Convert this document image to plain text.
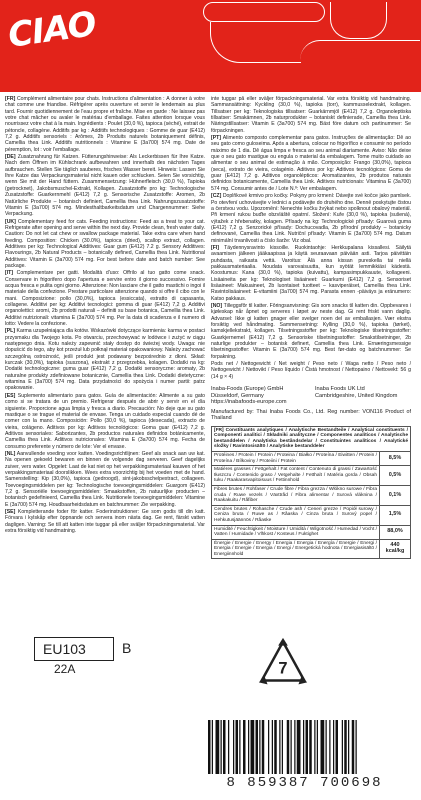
CIAO

[FR] Complément alimentaire pour chats. Instructions d'alimentation : À donner à votre chat comme une friandise. Réfrigérer après ouverture et servir le lendemain au plus tard. Fournir quotidiennement de l'eau propre et fraîche. Mise en garde : Ne laissez pas votre chat mâcher ou avaler le matériau d'emballage. Faites attention lorsque vous nourrissez votre chat à la main. Ingrédients : Poulet (30,0 %), tapioca (séché), extrait de pétoncle, collagène. Additifs par kg : Additifs technologiques : Gomme de guar (E412) 7,2 g. Additifs sensoriels : Arômes, 2b Produits naturels botaniquement définis, Camellia thea Link. Additifs nutritionnels : Vitamine E (3a700) 574 mg. Date de péremption, lot : voir l'emballage.

[DE] Zusatznahrung für Katzen. Fütterungshinweise: Als Leckerbissen für Ihre Katze. Nach dem Öffnen im Kühlschrank aufbewahren und innerhalb des nächsten Tages aufbrauchen. Stellen Sie täglich sauberes, frisches Wasser bereit. Hinweis: Lassen Sie Ihre Katze das Verpackungsmaterial nicht kauen oder schlucken. Seien Sie vorsichtig, wenn Sie mit der Hand füttern. Zusammensetzung: Hühnerfleisch (30,0 %), Tapioka (getrocknet), Jakobsmuschel-Extrakt, Kollagen. Zusatzstoffe pro kg: Technologische Zusatzstoffe: Guarkernmehl (E412) 7,2 g. Sensorische Zusatzstoffe: Aromen, 2b Natürliche Produkte – botanisch definiert, Camellia thea Link. Nahrungszusatzstoffe: Vitamin E (3a700) 574 mg. Mindesthaltbarkeitsdatum und Chargennummer: Siehe Verpackung.

[UK] Complementary feed for cats. Feeding instructions: Feed as a treat to your cat. Refrigerate after opening and serve within the next day. Provide clean, fresh water daily. Caution: Do not let cat chew or swallow package material. Take extra care when hand feeding. Composition: Chicken (30.0%), tapioca (dried), scallop extract, collagen. Additives per kg: Technological Additives: Guar gum (E412) 7.2 g. Sensory Additives: Flavourings, 2b Natural Products – botanically defined, Camellia thea Link. Nutritional Additives: Vitamin E (3a700) 574 mg. For best before date and batch number: See package.

[IT] Complementare per gatti. Modalità d'uso: Offrilo al tuo gatto come snack. Conservare in frigorifero dopo l'apertura e servire entro il giorno successivo. Fornire acqua fresca e pulita ogni giorno. Attenzione: Non lasciare che il gatto mastichi o ingoi il materiale della confezione. Prestare particolare attenzione quando si offre il cibo con le mani. Composizione: pollo (30,0%), tapioca (essiccata), estratto di capasanta, collagene. Additivi per kg: Additivi tecnologici: gomma di guar (E412) 7,2 g. Additivi organolettici: aromi, 2b prodotti naturali – definiti su base botanica, Camellia thea Link. Additivi nutrizionali: vitamina E (3a700) 574 mg. Per la data di scadenza e il numero di lotto: Vedere la confezione.

[PL] Karma uzupełniająca dla kotów. Wskazówki dotyczące karmienia: karma w postaci przysmaku dla Twojego kota. Po otwarciu, przechowywać w lodówce i zużyć w ciągu następnego dnia. Kotu należy zapewnić stały dostęp do świeżej wody. Uwaga: nie dopuścić do tego, aby kot przeżuł lub połknął materiał opakowaniowy. Należy zachować szczególną ostrożność, jeśli produkt jest podawany bezpośrednio z dłoni. Skład: kurczak (30,0%), tapioka (suszona), ekstrakt z przegrzebka, kolagen. Dodatki na kg: Dodatki technologiczne: guma guar (E412) 7,2 g. Dodatki sensoryczne: aromaty, 2b naturalne produkty zdefiniowane botanicznie, Camellia thea Link. Dodatki dietetyczne: witamina E (3a700) 574 mg. Data przydatności do spożycia i numer partii: patrz opakowanie.

[ES] Suplemento alimentario para gatos. Guía de alimentación: Alimente a su gato como si se tratara de un premio. Refrigerar después de abrir y servir en el día siguiente. Proporcione agua limpia y fresca a diario. Precaución: No deje que su gato mastique o se trague el material de envase. Tenga un cuidado especial cuando dé de comer con la mano. Composición: Pollo (30,0 %), tapioca (desecada), extracto de vieira, colágeno. Aditivos por kg: Aditivos tecnológicos: Goma guar (E412) 7,2 g. Aditivos sensoriales: Saborizantes, 2b productos naturales definidos botánicamente, Camellia thea Link. Aditivos nutricionales: Vitamina E (3a700) 574 mg. Fecha de consumo preferente y número de lote: Ver el envase.

[NL] Aanvullende voeding voor katten. Voedingsrichtlijnen: Geef als snack aan uw kat. Na openen gekoeld bewaren en binnen de volgende dag serveren. Geef dagelijks zuiver, vers water. Opgelet: Laat de kat niet op het verpakkingsmateriaal kauwen of het verpakkingsmateriaal doorslikken. Wees extra voorzichtig bij het voeden met de hand. Samenstelling: Kip (30,0%), tapioca (gedroogd), sint-jakobsschelpextract, collageen. Toevoegingsmiddelen per kg: Technologische toevoegingsmiddelen: Guargom (E412) 7,2 g. Sensoriële toevoegingsmiddelen: Smaakstoffen, 2b natuurlijke producten – botanisch gedefinieerd, Camellia thea Link. Nutritionele toevoegingsmiddelen: Vitamine E (3a700) 574 mg. Houdbaarheidsdatum en batchnummer: Zie verpakking.

[SE] Kompletterande foder för katter. Foderinstruktioner: Ge som godis till din katt. Förvara i kylskåp efter öppnande och servera inom nästa dag. Ge rent, färskt vatten dagligen. Varning: Se till att katten inte tuggar på eller sväljer förpackningsmaterial. Var extra försiktig vid handmatning.

inte tuggar på eller sväljer förpackningsmaterial. Var extra försiktig vid handmatning. Sammansättning: Kyckling (30,0 %), tapioka (torr), kammusselextrakt, kollagen. Tillsatser per kg: Teknologiska tillsatser: Guarkärnmjöl (E412) 7,2 g. Organoleptiska tillsatser: Smakämnen, 2b naturprodukter – botaniskt definierade, Camellia thea Link. Näringstillsatser: Vitamin E (3a700) 574 mg. Bäst före datum och partinummer: Se förpackningen.

[PT] Alimento composto complementar para gatos. Instruções de alimentação: Dê ao seu gato como guloseima. Após a abertura, colocar no frigorífico e consumir no período máximo de 1 dia. Dê água limpa e fresca ao seu animal diariamente. Aviso: Não deixe que o seu gato mastigue ou engula o material da embalagem. Tome muito cuidado ao alimentar o seu animal de estimação à mão. Composição: Frango (30,0%), tapioca (seca), extrato de vieira, colagénio. Aditivos por kg: Aditivos tecnológicos: Goma de guar (E412) 7,2 g. Aditivos organolépticos: Aromatizantes, 2b produtos naturais definidos botanicamente, Camellia thea Link. Aditivos nutricionais: Vitamina E (3a700) 574 mg. Consumir antes de / Lote N.º: Ver embalagem.

[CZ] Doplňkové krmivo pro kočky. Pokyny pro krmení: Dávejte své kočce jako pamlsek. Po otevření uchovávejte v lednici a podávejte do druhého dne. Denně poskytujte čistou a čerstvou vodu. Upozornění: Nenechte kočku žvýkat nebo spolknout obalový materiál. Při krmení rukou buďte obzvláště opatrní. Složení: Kuře (30,0 %), tapioka (sušená), výtažek z hřebenatky, kolagen. Přísady na kg: Technologické přísady: Guarová guma (E412) 7,2 g. Senzorické přísady: Dochucovadla, 2b přírodní produkty – botanicky definované, Camellia thea Link. Nutriční přísady: Vitamin E (3a700) 574 mg. Datum minimální trvanlivosti a číslo šarže: Viz obal.

[FI] Täydennysravinto kissoille. Ruokintaohje: Herkkupalana kissallesi. Säilytä avaamisen jälkeen jääkaapissa ja käytä seuraavaan päivään asti. Tarjoa päivittäin puhdasta, raikasta vettä. Varoitus: Älä anna kissan pureskella tai niellä pakkausmateriaalia. Noudata varovaisuutta, kun syötät lemmikkiäsi kädestä. Koostumus: Kana (30,0 %), tapioka (kuivattu), kampasimpukkauute, kollageeni. Lisäaineita per kg: Teknologiset lisäaineet: Guarkumi (E412) 7,2 g. Sensoriset lisäaineet: Makuaineet, 2b luontaiset tuotteet – kasviperäiset, Camellia thea Link. Ravintolisäaineet: E-vitamiini (3a700) 574 mg. Parasta ennen -päiväys ja eränumero: Katso pakkaus.

[NO] Tilleggsfôr til katter. Fôringsanvisning: Gis som snacks til katten din. Oppbevares i kjøleskap når åpnet og serveres i løpet av neste dag. Gi rent friskt vann daglig. Advarsel: Ikke gi katten gnager eller svelger noen del av emballasjen. Vær ekstra forsiktig ved håndmating. Sammensetning: Kylling (30,0 %), tapioka (tørket), kamskjellekstrakt, kollagen. Tilsetningsstoffer per kg: Teknologiske tilsetningsstoffer: Guarkjernemel (E412) 7,2 g. Sensoriske tilsetningsstoffer: Smakstilsetninger, 2b naturlige produkter – botanisk definert, Camellia thea Link. Ernæringsmessige tilsetningsstoffer: Vitamin E (3a700) 574 mg. Best før-dato og batchnummer: Se forpakning.

Pods net / Nettogewicht / Net weight / Peso neto / Waga netto / Peso neto / Nettogewicht / Nettovikt / Peso líquido / Čistá hmotnost / Nettopaino / Nettovekt: 56 g (14 g × 4)

Inaba-Foods (Europe) GmbH
Düsseldorf, Germany
https://inabafoods-europe.com
Inaba Foods UK Ltd
Cambridgeshire, United Kingdom
Manufactured by: Thai Inaba Foods Co., Ltd. Reg number: VON116 Product of Thailand
[FR] Constituants analytiques / Analytische Bestandteile / Analytical constituents / Componenti analitici / Składniki analityczne / Componentes analíticos / Analytische bestanddelen / Analytiska beståndsdelar / Constituintes analíticos / Analytické složky / Ravintosisältö / Analytiske bestanddeler	
Protéines / Protein / Protein / Proteina / Białko / Proteína / Eiwitten / Protein / Proteína / Bílkoviny / Proteiini / Protein	8,5%
Matières grasses / Fettgehalt / Fat content / Contenuto di grassi / Zawartość tłuszczu / Contenido graso / Vetgehalte / Fetthalt / Matéria gorda / Obsah tuku / Raakarasvapitoisuus / Fettinnhold	0,5%
Fibres brutes / Rohfaser / Crude fibre / Fibra grezza / Włókno surowe / Fibra cruda / Ruwe vezels / Växttråd / Fibra alimentar / Surová vláknina / Raakakuitu / Råfiber	0,1%
Cendres brutes / Rohasche / Crude ash / Ceneri grezze / Popiół surowy / Ceniza bruta / Ruwe as / Råaska / Cinza bruta / Surový popel / Hehkutusjäännös / Råaske	1,5%
Humidité / Feuchtigkeit / Moisture / Umidità / Wilgotność / Humedad / Vocht / Vatten / Humidade / Vlhkost / Kosteus / Fuktighet	88,0%
Énergie / Energie / Energy / Energia / Energia / Energía / Energie / Energi / Energia / Energie / Energia / Energi / Energetická hodnota / Energiasisältö / Energiinnhold	440 kcal/kg
EU103	B
22A	7
8 859387 700698
